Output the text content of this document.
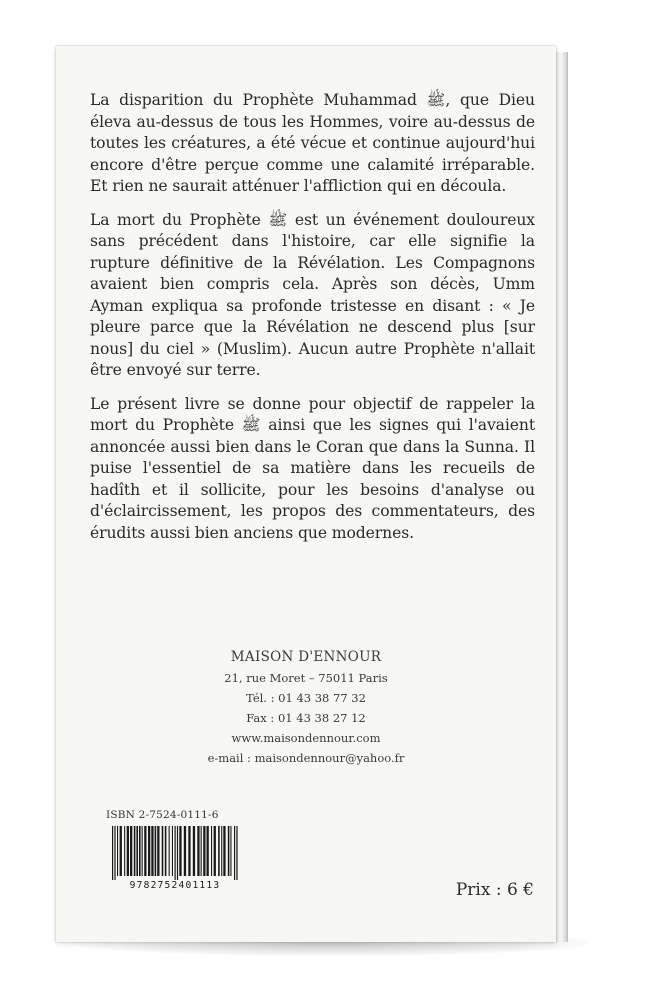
La disparition du Prophète Muhammad ﷺ, que Dieu éleva au-dessus de tous les Hommes, voire au-dessus de toutes les créatures, a été vécue et continue aujourd'hui encore d'être perçue comme une calamité irréparable. Et rien ne saurait atténuer l'affliction qui en découla.

La mort du Prophète ﷺ est un événement douloureux sans précédent dans l'histoire, car elle signifie la rupture définitive de la Révélation. Les Compagnons avaient bien compris cela. Après son décès, Umm Ayman expliqua sa profonde tristesse en disant : « Je pleure parce que la Révélation ne descend plus [sur nous] du ciel » (Muslim). Aucun autre Prophète n'allait être envoyé sur terre.

Le présent livre se donne pour objectif de rappeler la mort du Prophète ﷺ ainsi que les signes qui l'avaient annoncée aussi bien dans le Coran que dans la Sunna. Il puise l'essentiel de sa matière dans les recueils de hadîth et il sollicite, pour les besoins d'analyse ou d'éclaircissement, les propos des commentateurs, des érudits aussi bien anciens que modernes.

MAISON D'ENNOUR
21, rue Moret – 75011 Paris
Tél. : 01 43 38 77 32
Fax : 01 43 38 27 12
www.maisondennour.com
e-mail : maisondennour@yahoo.fr
ISBN 2-7524-0111-6
9782752401113	Prix : 6 €
